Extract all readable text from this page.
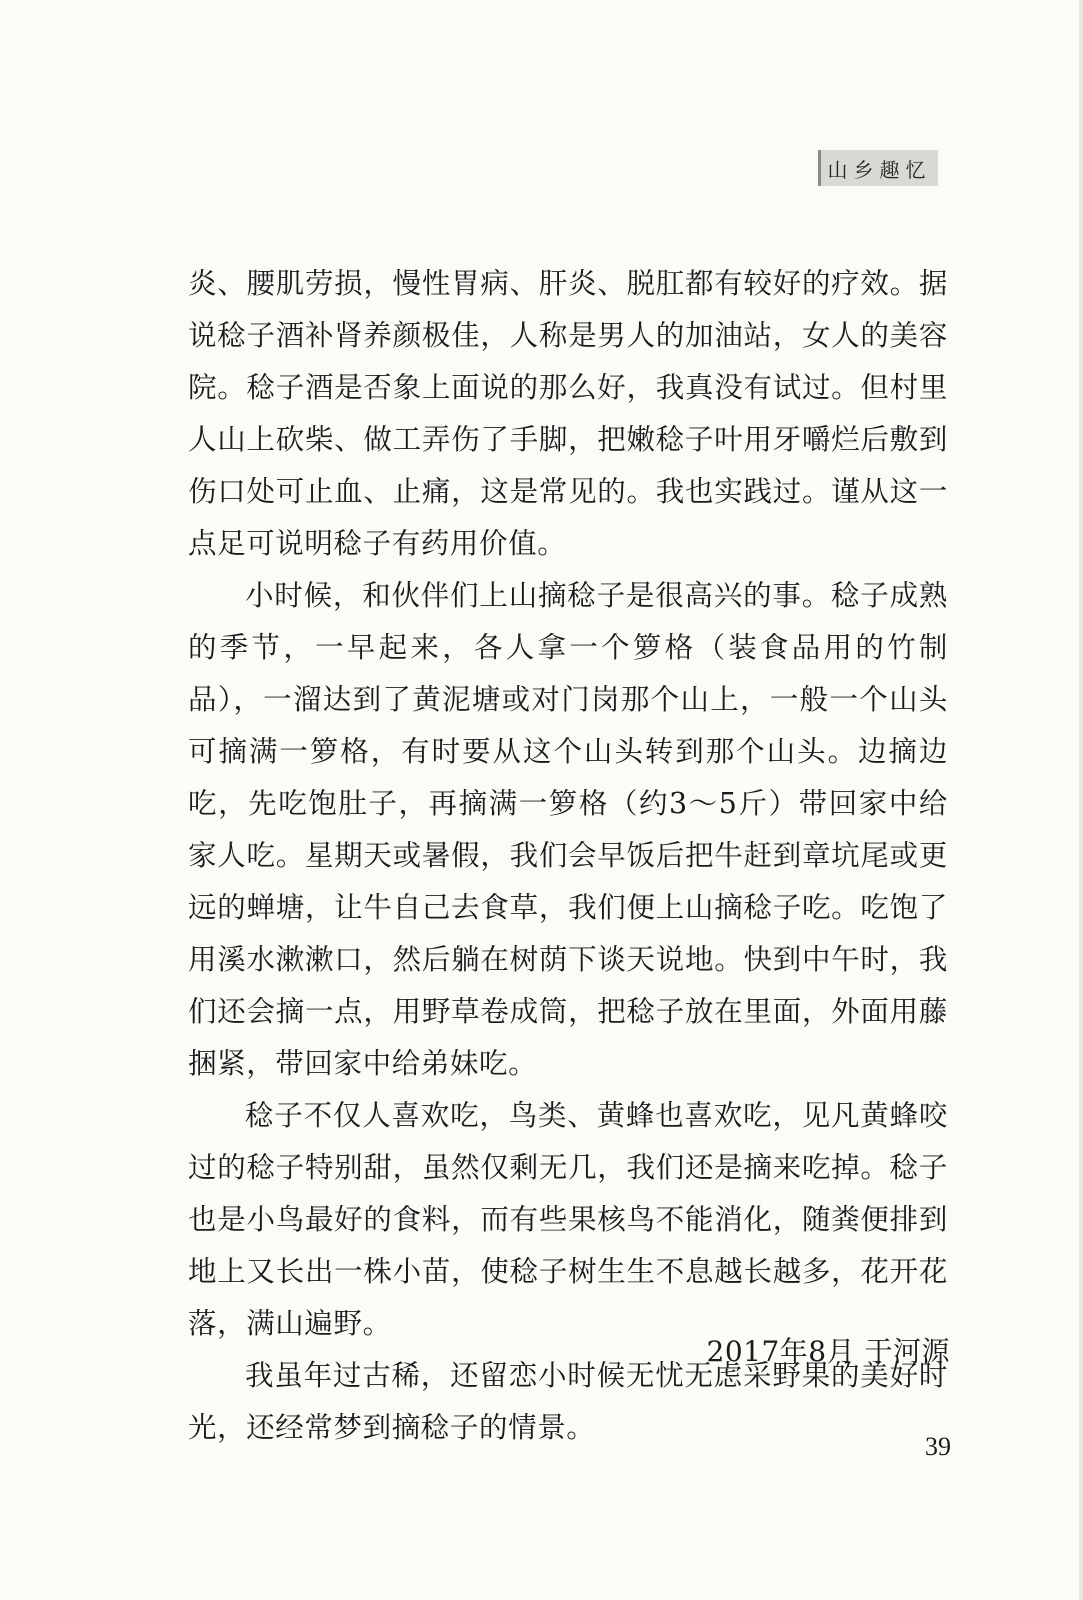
山乡趣忆

炎、腰肌劳损，慢性胃病、肝炎、脱肛都有较好的疗效。据说稔子酒补肾养颜极佳，人称是男人的加油站，女人的美容院。稔子酒是否象上面说的那么好，我真没有试过。但村里人山上砍柴、做工弄伤了手脚，把嫩稔子叶用牙嚼烂后敷到伤口处可止血、止痛，这是常见的。我也实践过。谨从这一点足可说明稔子有药用价值。

小时候，和伙伴们上山摘稔子是很高兴的事。稔子成熟的季节，一早起来，各人拿一个箩格（装食品用的竹制品），一溜达到了黄泥塘或对门岗那个山上，一般一个山头可摘满一箩格，有时要从这个山头转到那个山头。边摘边吃，先吃饱肚子，再摘满一箩格（约3～5斤）带回家中给家人吃。星期天或暑假，我们会早饭后把牛赶到章坑尾或更远的蝉塘，让牛自己去食草，我们便上山摘稔子吃。吃饱了用溪水漱漱口，然后躺在树荫下谈天说地。快到中午时，我们还会摘一点，用野草卷成筒，把稔子放在里面，外面用藤捆紧，带回家中给弟妹吃。

稔子不仅人喜欢吃，鸟类、黄蜂也喜欢吃，见凡黄蜂咬过的稔子特别甜，虽然仅剩无几，我们还是摘来吃掉。稔子也是小鸟最好的食料，而有些果核鸟不能消化，随粪便排到地上又长出一株小苗，使稔子树生生不息越长越多，花开花落，满山遍野。

我虽年过古稀，还留恋小时候无忧无虑采野果的美好时光，还经常梦到摘稔子的情景。

2017年8月 于河源
39
